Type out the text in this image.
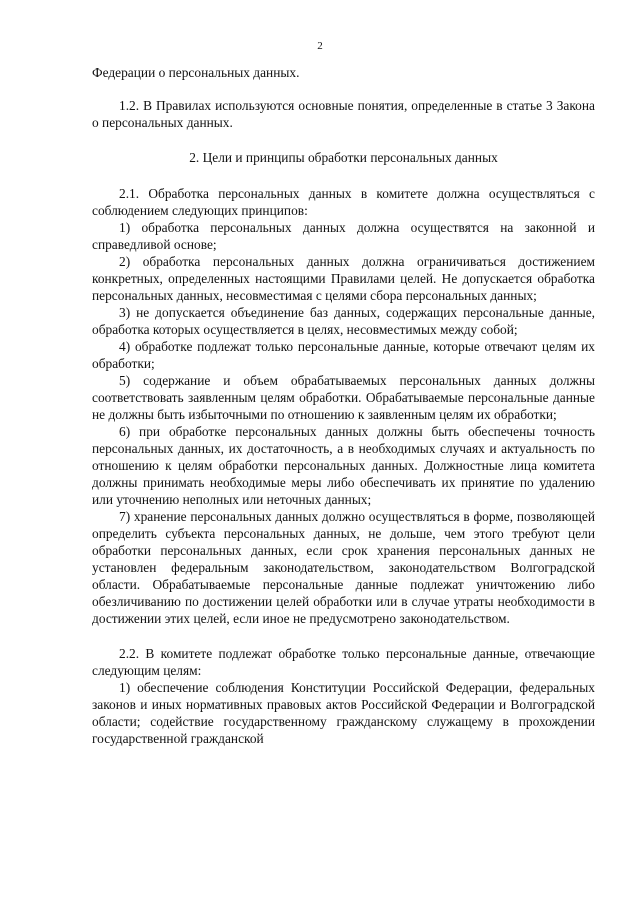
2

Федерации о персональных данных.

1.2. В Правилах используются основные понятия, определенные в статье 3 Закона о персональных данных.

2. Цели и принципы обработки персональных данных

2.1. Обработка персональных данных в комитете должна осуществляться с соблюдением следующих принципов:

1) обработка персональных данных должна осуществятся на законной и справедливой основе;

2) обработка персональных данных должна ограничиваться достижением конкретных, определенных настоящими Правилами целей. Не допускается обработка персональных данных, несовместимая с целями сбора персональных данных;

3) не допускается объединение баз данных, содержащих персональные данные, обработка которых осуществляется в целях, несовместимых между собой;

4) обработке подлежат только персональные данные, которые отвечают целям их обработки;

5) содержание и объем обрабатываемых персональных данных должны соответствовать заявленным целям обработки. Обрабатываемые персональные данные не должны быть избыточными по отношению к заявленным целям их обработки;

6) при обработке персональных данных должны быть обеспечены точность персональных данных, их достаточность, а в необходимых случаях и актуальность по отношению к целям обработки персональных данных. Должностные лица комитета должны принимать необходимые меры либо обеспечивать их принятие по удалению или уточнению неполных или неточных данных;

7) хранение персональных данных должно осуществляться в форме, позволяющей определить субъекта персональных данных, не дольше, чем этого требуют цели обработки персональных данных, если срок хранения персональных данных не установлен федеральным законодательством, законодательством Волгоградской области. Обрабатываемые персональные данные подлежат уничтожению либо обезличиванию по достижении целей обработки или в случае утраты необходимости в достижении этих целей, если иное не предусмотрено законодательством.

2.2. В комитете подлежат обработке только персональные данные, отвечающие следующим целям:

1) обеспечение соблюдения Конституции Российской Федерации, федеральных законов и иных нормативных правовых актов Российской Федерации и Волгоградской области; содействие государственному гражданскому служащему в прохождении государственной гражданской
